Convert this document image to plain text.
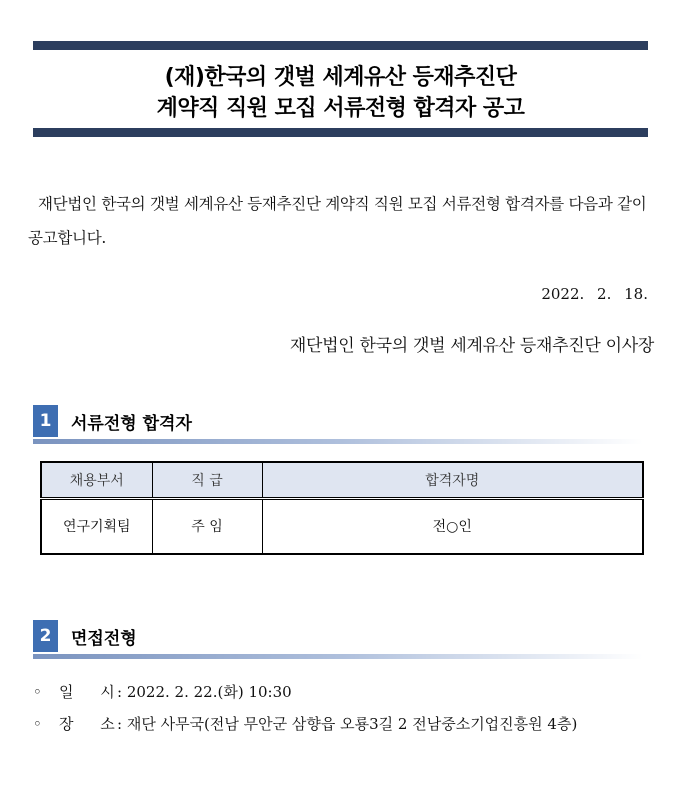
(재)한국의 갯벌 세계유산 등재추진단
계약직 직원 모집 서류전형 합격자 공고

재단법인 한국의 갯벌 세계유산 등재추진단 계약직 직원 모집 서류전형 합격자를 다음과 같이 공고합니다.

2022. 2. 18.
재단법인 한국의 갯벌 세계유산 등재추진단 이사장
1	서류전형 합격자
채용부서	직 급	합격자명
연구기획팀	주 임	전○인
2	면접전형
◦ 일 시 : 2022. 2. 22.(화) 10:30
◦ 장 소 : 재단 사무국(전남 무안군 삼향읍 오룡3길 2 전남중소기업진흥원 4층)
